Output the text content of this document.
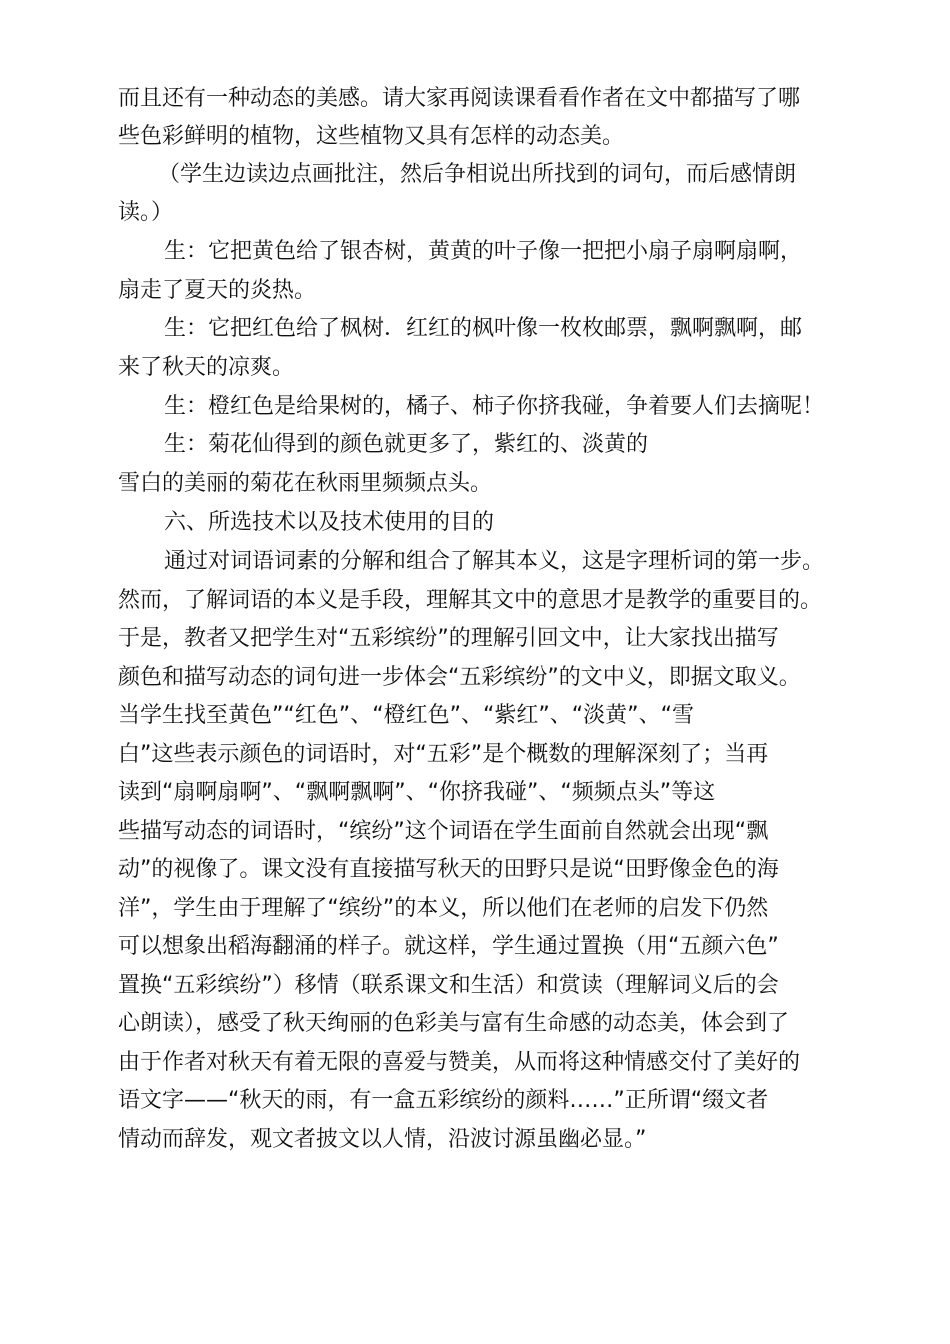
而且还有一种动态的美感。请大家再阅读课看看作者在文中都描写了哪

些色彩鲜明的植物，这些植物又具有怎样的动态美。

（学生边读边点画批注，然后争相说出所找到的词句，而后感情朗

读。）

生：它把黄色给了银杏树，黄黄的叶子像一把把小扇子扇啊扇啊，

扇走了夏天的炎热。

生：它把红色给了枫树．红红的枫叶像一枚枚邮票，飘啊飘啊，邮

来了秋天的凉爽。

生：橙红色是给果树的，橘子、柿子你挤我碰，争着要人们去摘呢！

生：菊花仙得到的颜色就更多了，紫红的、淡黄的

雪白的美丽的菊花在秋雨里频频点头。

六、所选技术以及技术使用的目的

通过对词语词素的分解和组合了解其本义，这是字理析词的第一步。

然而，了解词语的本义是手段，理解其文中的意思才是教学的重要目的。

于是，教者又把学生对“五彩缤纷”的理解引回文中，让大家找出描写

颜色和描写动态的词句进一步体会“五彩缤纷”的文中义，即据文取义。

当学生找至黄色”“红色”、“橙红色”、“紫红”、“淡黄”、“雪

白”这些表示颜色的词语时，对“五彩”是个概数的理解深刻了；当再

读到“扇啊扇啊”、“飘啊飘啊”、“你挤我碰”、“频频点头”等这

些描写动态的词语时，“缤纷”这个词语在学生面前自然就会出现“飘

动”的视像了。课文没有直接描写秋天的田野只是说“田野像金色的海

洋”，学生由于理解了“缤纷”的本义，所以他们在老师的启发下仍然

可以想象出稻海翻涌的样子。就这样，学生通过置换（用“五颜六色”

置换“五彩缤纷”）移情（联系课文和生活）和赏读（理解词义后的会

心朗读），感受了秋天绚丽的色彩美与富有生命感的动态美，体会到了

由于作者对秋天有着无限的喜爱与赞美，从而将这种情感交付了美好的

语文字——“秋天的雨，有一盒五彩缤纷的颜料……”正所谓“缀文者

情动而辞发，观文者披文以人情，沿波讨源虽幽必显。”
